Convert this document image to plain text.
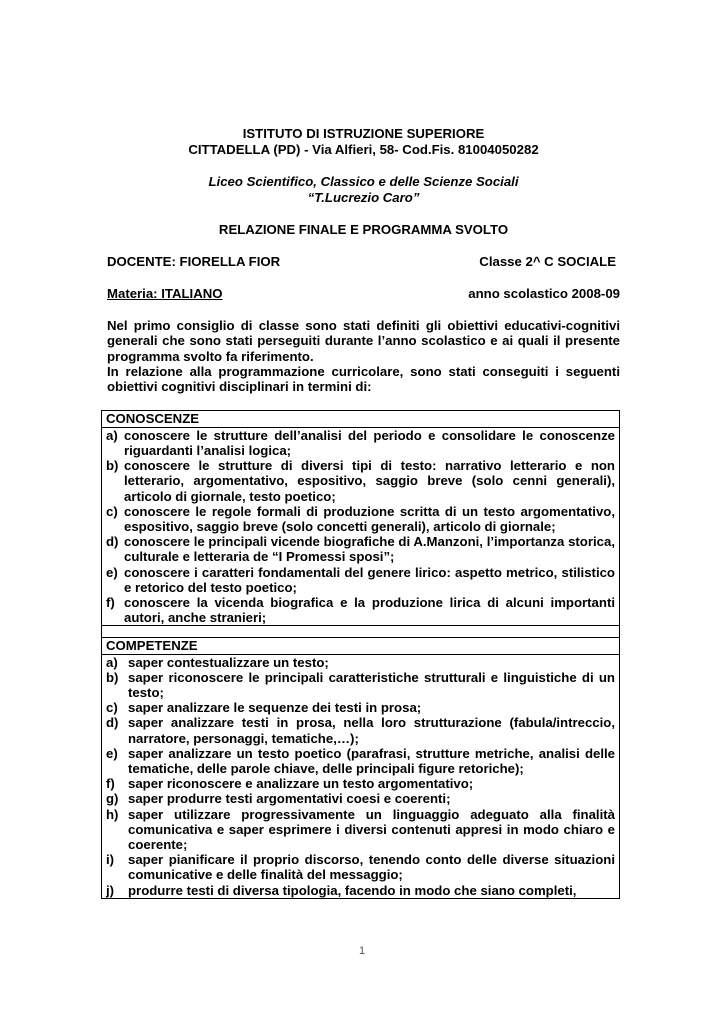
ISTITUTO DI ISTRUZIONE SUPERIORE
CITTADELLA (PD) - Via Alfieri, 58- Cod.Fis. 81004050282
Liceo Scientifico, Classico e delle Scienze Sociali
“T.Lucrezio Caro”
RELAZIONE FINALE E PROGRAMMA SVOLTO
DOCENTE: FIORELLA FIOR	Classe 2^ C SOCIALE
Materia: ITALIANO	anno scolastico 2008-09
Nel primo consiglio di classe sono stati definiti gli obiettivi educativi-cognitivi generali che sono stati perseguiti durante l’anno scolastico e ai quali il presente programma svolto fa riferimento.
In relazione alla programmazione curricolare, sono stati conseguiti i seguenti obiettivi cognitivi disciplinari in termini di:
CONOSCENZE

a) conoscere le strutture dell’analisi del periodo e consolidare le conoscenze riguardanti l’analisi logica;
b) conoscere le strutture di diversi tipi di testo: narrativo letterario e non letterario, argomentativo, espositivo, saggio breve (solo cenni generali), articolo di giornale, testo poetico;
c) conoscere le regole formali di produzione scritta di un testo argomentativo, espositivo, saggio breve (solo concetti generali), articolo di giornale;
d) conoscere le principali vicende biografiche di A.Manzoni, l’importanza storica, culturale e letteraria de “I Promessi sposi”;
e) conoscere i caratteri fondamentali del genere lirico: aspetto metrico, stilistico e retorico del testo poetico;
f) conoscere la vicenda biografica e la produzione lirica di alcuni importanti autori, anche stranieri;

COMPETENZE

a) saper contestualizzare un testo;
b) saper riconoscere le principali caratteristiche strutturali e linguistiche di un testo;
c) saper analizzare le sequenze dei testi in prosa;
d) saper analizzare testi in prosa, nella loro strutturazione (fabula/intreccio, narratore, personaggi, tematiche,…);
e) saper analizzare un testo poetico (parafrasi, strutture metriche, analisi delle tematiche, delle parole chiave, delle principali figure retoriche);
f)	saper riconoscere e analizzare un testo argomentativo;
g) saper produrre testi argomentativi coesi e coerenti;
h) saper utilizzare progressivamente un linguaggio adeguato alla finalità comunicativa e saper esprimere i diversi contenuti appresi in modo chiaro e coerente;
i)	saper pianificare il proprio discorso, tenendo conto delle diverse situazioni comunicative e delle finalità del messaggio;
j)	produrre testi di diversa tipologia, facendo in modo che siano completi,
1
